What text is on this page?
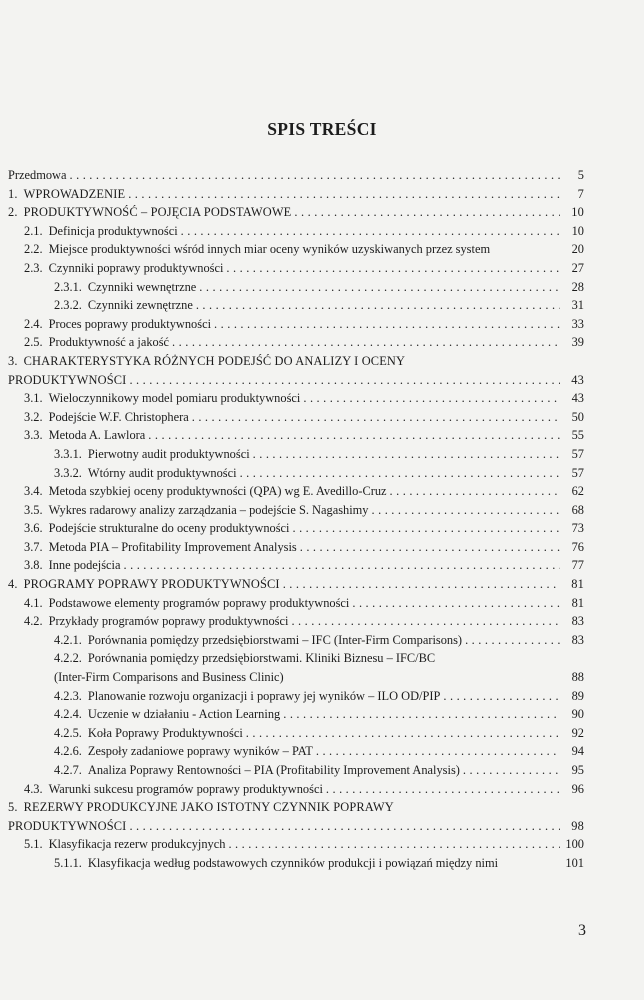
SPIS TREŚCI
Przedmowa . . .	5
1. WPROWADZENIE . . .	7
2. PRODUKTYWNOŚĆ – POJĘCIA PODSTAWOWE . . .	10
2.1. Definicja produktywności . . .	10
2.2. Miejsce produktywności wśród innych miar oceny wyników uzyskiwanych przez system	20
2.3. Czynniki poprawy produktywności . . .	27
2.3.1. Czynniki wewnętrzne . . .	28
2.3.2. Czynniki zewnętrzne . . .	31
2.4. Proces poprawy produktywności . . .	33
2.5. Produktywność a jakość . . .	39
3. CHARAKTERYSTYKA RÓŻNYCH PODEJŚĆ DO ANALIZY I OCENY
PRODUKTYWNOŚCI . . .	43
3.1. Wieloczynnikowy model pomiaru produktywności . . .	43
3.2. Podejście W.F. Christophera . . .	50
3.3. Metoda A. Lawlora . . .	55
3.3.1. Pierwotny audit produktywności . . .	57
3.3.2. Wtórny audit produktywności . . .	57
3.4. Metoda szybkiej oceny produktywności (QPA) wg E. Avedillo-Cruz . . .	62
3.5. Wykres radarowy analizy zarządzania – podejście S. Nagashimy . . .	68
3.6. Podejście strukturalne do oceny produktywności . . .	73
3.7. Metoda PIA – Profitability Improvement Analysis . . .	76
3.8. Inne podejścia . . .	77
4. PROGRAMY POPRAWY PRODUKTYWNOŚCI . . .	81
4.1. Podstawowe elementy programów poprawy produktywności . . .	81
4.2. Przykłady programów poprawy produktywności . . .	83
4.2.1. Porównania pomiędzy przedsiębiorstwami – IFC (Inter-Firm Comparisons) . . .	83
4.2.2. Porównania pomiędzy przedsiębiorstwami. Kliniki Biznesu – IFC/BC
(Inter-Firm Comparisons and Business Clinic)	88
4.2.3. Planowanie rozwoju organizacji i poprawy jej wyników – ILO OD/PIP . . .	89
4.2.4. Uczenie w działaniu - Action Learning . . .	90
4.2.5. Koła Poprawy Produktywności . . .	92
4.2.6. Zespoły zadaniowe poprawy wyników – PAT . . .	94
4.2.7. Analiza Poprawy Rentowności – PIA (Profitability Improvement Analysis) . . .	95
4.3. Warunki sukcesu programów poprawy produktywności . . .	96
5. REZERWY PRODUKCYJNE JAKO ISTOTNY CZYNNIK POPRAWY
PRODUKTYWNOŚCI . . .	98
5.1. Klasyfikacja rezerw produkcyjnych . . .	100
5.1.1. Klasyfikacja według podstawowych czynników produkcji i powiązań między nimi	101
3
